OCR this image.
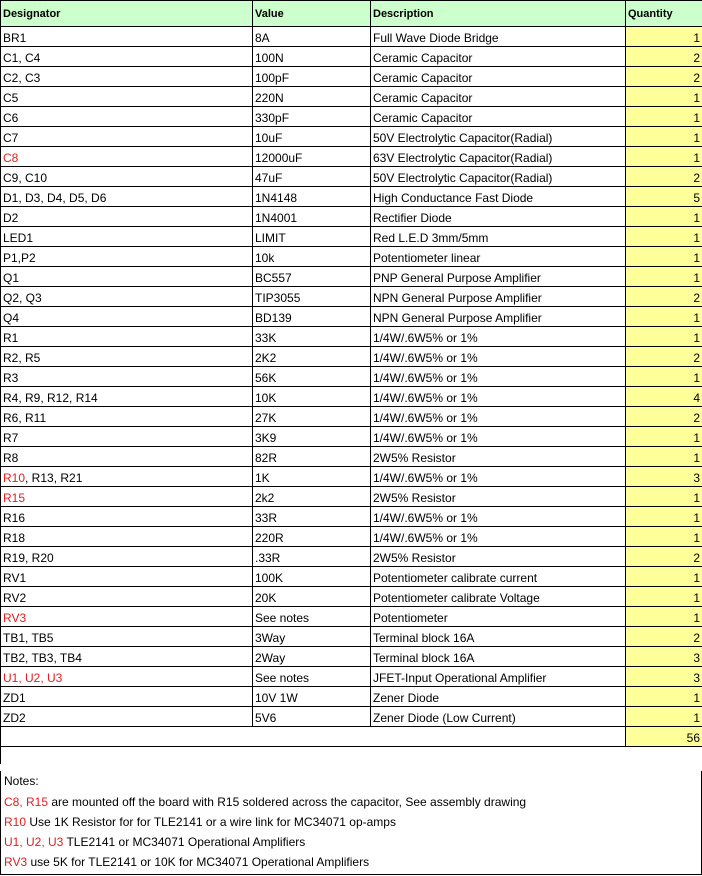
Designator	Value	Description	Quantity
BR1	8A	Full Wave Diode Bridge	1
C1, C4	100N	Ceramic Capacitor	2
C2, C3	100pF	Ceramic Capacitor	2
C5	220N	Ceramic Capacitor	1
C6	330pF	Ceramic Capacitor	1
C7	10uF	50V Electrolytic Capacitor(Radial)	1
C8	12000uF	63V Electrolytic Capacitor(Radial)	1
C9, C10	47uF	50V Electrolytic Capacitor(Radial)	2
D1, D3, D4, D5, D6	1N4148	High Conductance Fast Diode	5
D2	1N4001	Rectifier Diode	1
LED1	LIMIT	Red L.E.D 3mm/5mm	1
P1,P2	10k	Potentiometer linear	1
Q1	BC557	PNP General Purpose Amplifier	1
Q2, Q3	TIP3055	NPN General Purpose Amplifier	2
Q4	BD139	NPN General Purpose Amplifier	1
R1	33K	1/4W/.6W5% or 1%	1
R2, R5	2K2	1/4W/.6W5% or 1%	2
R3	56K	1/4W/.6W5% or 1%	1
R4, R9, R12, R14	10K	1/4W/.6W5% or 1%	4
R6, R11	27K	1/4W/.6W5% or 1%	2
R7	3K9	1/4W/.6W5% or 1%	1
R8	82R	2W5% Resistor	1
R10, R13, R21	1K	1/4W/.6W5% or 1%	3
R15	2k2	2W5% Resistor	1
R16	33R	1/4W/.6W5% or 1%	1
R18	220R	1/4W/.6W5% or 1%	1
R19, R20	.33R	2W5% Resistor	2
RV1	100K	Potentiometer calibrate current	1
RV2	20K	Potentiometer calibrate Voltage	1
RV3	See notes	Potentiometer	1
TB1, TB5	3Way	Terminal block 16A	2
TB2, TB3, TB4	2Way	Terminal block 16A	3
U1, U2, U3	See notes	JFET-Input Operational Amplifier	3
ZD1	10V 1W	Zener Diode	1
ZD2	5V6	Zener Diode (Low Current)	1
			56

Notes:
C8, R15 are mounted off the board with R15 soldered across the capacitor, See assembly drawing
R10 Use 1K Resistor for for TLE2141 or a wire link for MC34071 op-amps
U1, U2, U3 TLE2141 or MC34071 Operational Amplifiers
RV3 use 5K for TLE2141 or 10K for MC34071 Operational Amplifiers
